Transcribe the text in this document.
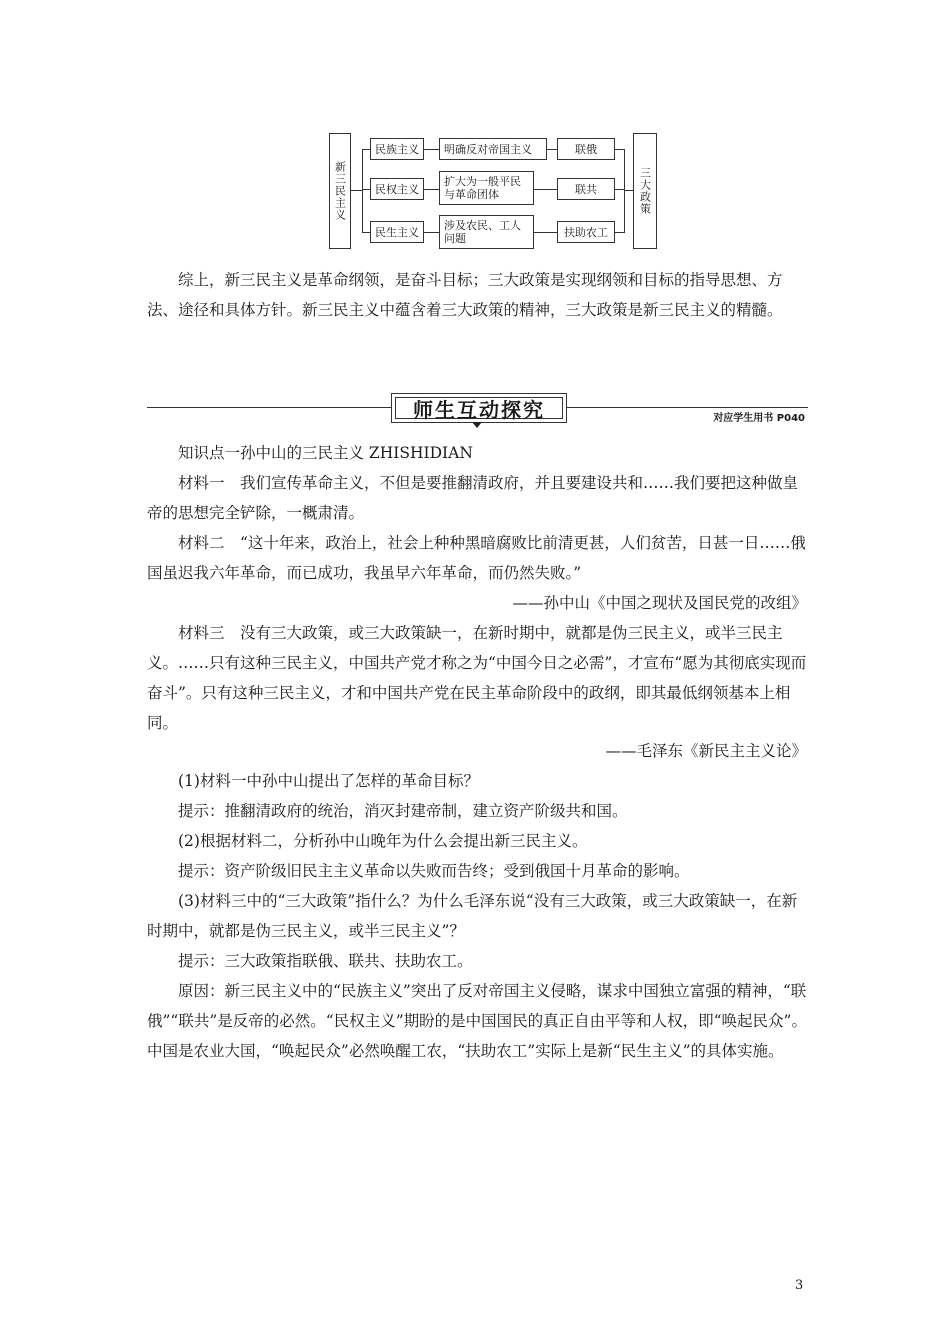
新三民主义
民族主义
民权主义
民生主义
明确反对帝国主义
扩大为一般平民与革命团体
涉及农民、工人问题
联俄
联共
扶助农工
三大政策

综上，新三民主义是革命纲领，是奋斗目标；三大政策是实现纲领和目标的指导思想、方法、途径和具体方针。新三民主义中蕴含着三大政策的精神，三大政策是新三民主义的精髓。

师生互动探究	对应学生用书 P040
知识点一孙中山的三民主义 ZHISHIDIAN

材料一　我们宣传革命主义，不但是要推翻清政府，并且要建设共和……我们要把这种做皇帝的思想完全铲除，一概肃清。

材料二　“这十年来，政治上，社会上种种黑暗腐败比前清更甚，人们贫苦，日甚一日……俄国虽迟我六年革命，而已成功，我虽早六年革命，而仍然失败。”

——孙中山《中国之现状及国民党的改组》

材料三　没有三大政策，或三大政策缺一，在新时期中，就都是伪三民主义，或半三民主义。……只有这种三民主义，中国共产党才称之为“中国今日之必需”，才宣布“愿为其彻底实现而奋斗”。只有这种三民主义，才和中国共产党在民主革命阶段中的政纲，即其最低纲领基本上相同。

——毛泽东《新民主主义论》
(1)材料一中孙中山提出了怎样的革命目标？
提示：推翻清政府的统治，消灭封建帝制，建立资产阶级共和国。
(2)根据材料二，分析孙中山晚年为什么会提出新三民主义。
提示：资产阶级旧民主主义革命以失败而告终；受到俄国十月革命的影响。

(3)材料三中的“三大政策”指什么？为什么毛泽东说“没有三大政策，或三大政策缺一，在新时期中，就都是伪三民主义，或半三民主义”？

提示：三大政策指联俄、联共、扶助农工。

原因：新三民主义中的“民族主义”突出了反对帝国主义侵略，谋求中国独立富强的精神，“联俄”“联共”是反帝的必然。“民权主义”期盼的是中国国民的真正自由平等和人权，即“唤起民众”。中国是农业大国，“唤起民众”必然唤醒工农，“扶助农工”实际上是新“民生主义”的具体实施。

3
